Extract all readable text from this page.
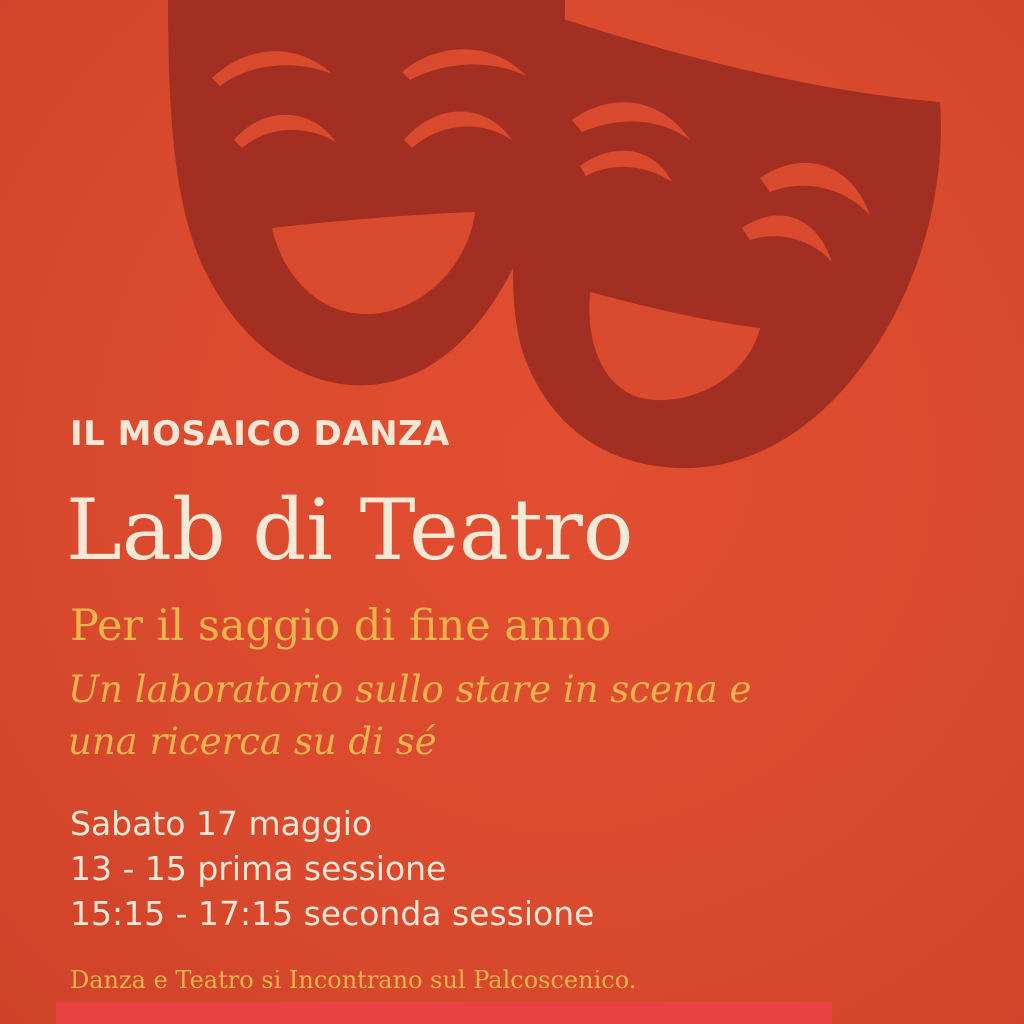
IL MOSAICO DANZA
Lab di Teatro
Per il saggio di fine anno
Un laboratorio sullo stare in scena e
una ricerca su di sé
Sabato 17 maggio
13 - 15 prima sessione
15:15 - 17:15 seconda sessione
Danza e Teatro si Incontrano sul Palcoscenico.
